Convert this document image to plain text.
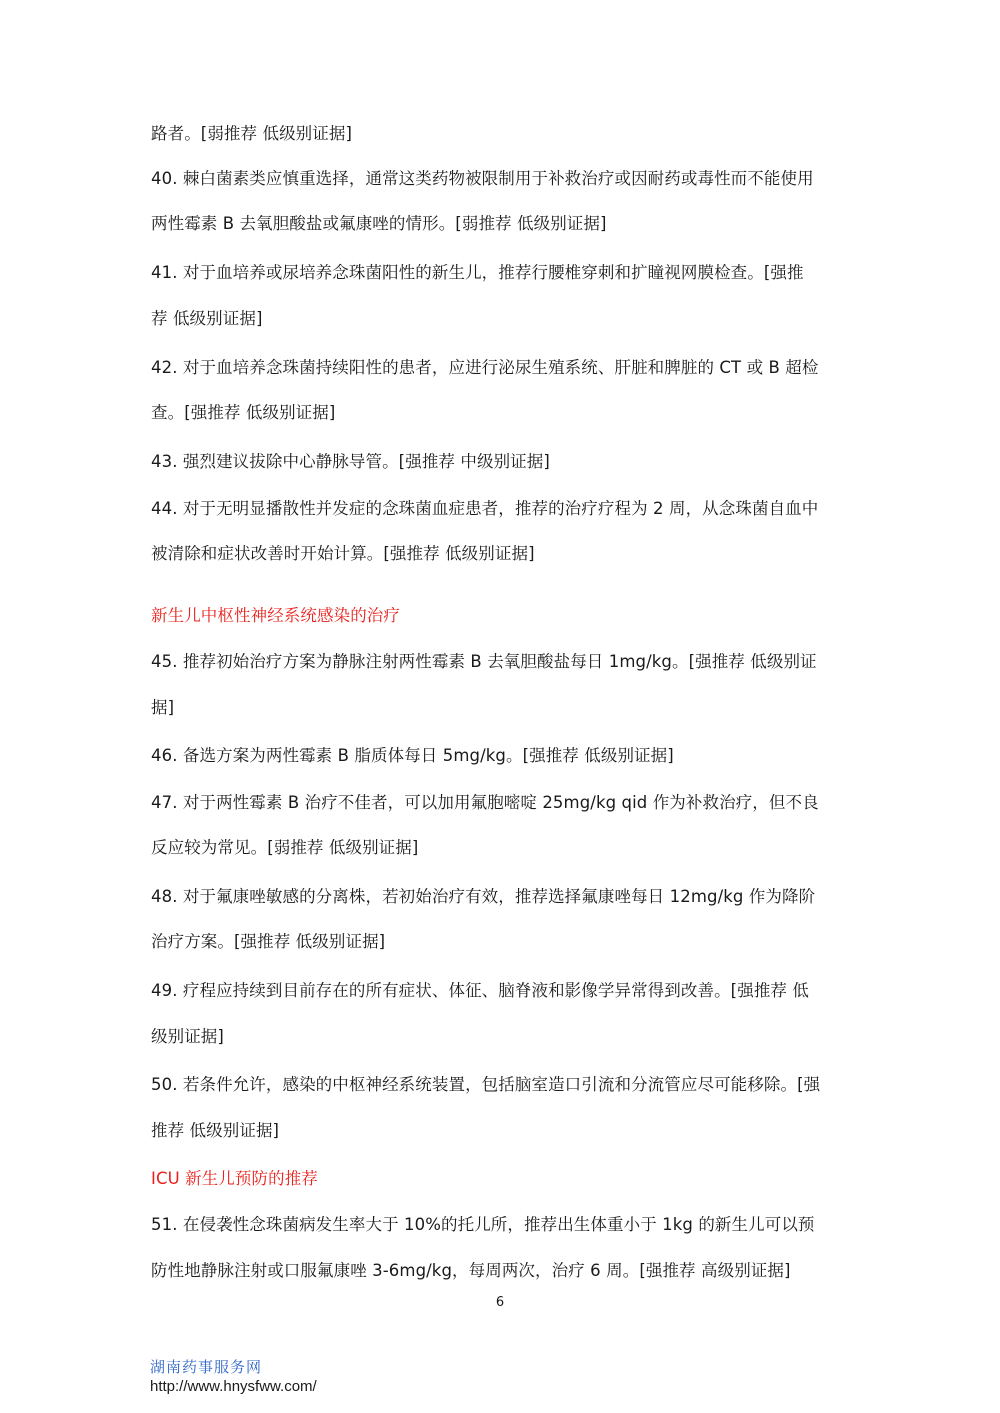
路者。[弱推荐 低级别证据]
40. 棘白菌素类应慎重选择，通常这类药物被限制用于补救治疗或因耐药或毒性而不能使用
两性霉素 B 去氧胆酸盐或氟康唑的情形。[弱推荐 低级别证据]
41. 对于血培养或尿培养念珠菌阳性的新生儿，推荐行腰椎穿刺和扩瞳视网膜检查。[强推
荐 低级别证据]
42. 对于血培养念珠菌持续阳性的患者，应进行泌尿生殖系统、肝脏和脾脏的 CT 或 B 超检
查。[强推荐 低级别证据]
43. 强烈建议拔除中心静脉导管。[强推荐 中级别证据]
44. 对于无明显播散性并发症的念珠菌血症患者，推荐的治疗疗程为 2 周，从念珠菌自血中
被清除和症状改善时开始计算。[强推荐 低级别证据]
新生儿中枢性神经系统感染的治疗
45. 推荐初始治疗方案为静脉注射两性霉素 B 去氧胆酸盐每日 1mg/kg。[强推荐 低级别证
据]
46. 备选方案为两性霉素 B 脂质体每日 5mg/kg。[强推荐 低级别证据]
47. 对于两性霉素 B 治疗不佳者，可以加用氟胞嘧啶 25mg/kg qid 作为补救治疗，但不良
反应较为常见。[弱推荐 低级别证据]
48. 对于氟康唑敏感的分离株，若初始治疗有效，推荐选择氟康唑每日 12mg/kg 作为降阶
治疗方案。[强推荐 低级别证据]
49. 疗程应持续到目前存在的所有症状、体征、脑脊液和影像学异常得到改善。[强推荐 低
级别证据]
50. 若条件允许，感染的中枢神经系统装置，包括脑室造口引流和分流管应尽可能移除。[强
推荐 低级别证据]
ICU 新生儿预防的推荐
51. 在侵袭性念珠菌病发生率大于 10%的托儿所，推荐出生体重小于 1kg 的新生儿可以预
防性地静脉注射或口服氟康唑 3-6mg/kg，每周两次，治疗 6 周。[强推荐 高级别证据]
6
湖南药事服务网
http://www.hnysfww.com/
